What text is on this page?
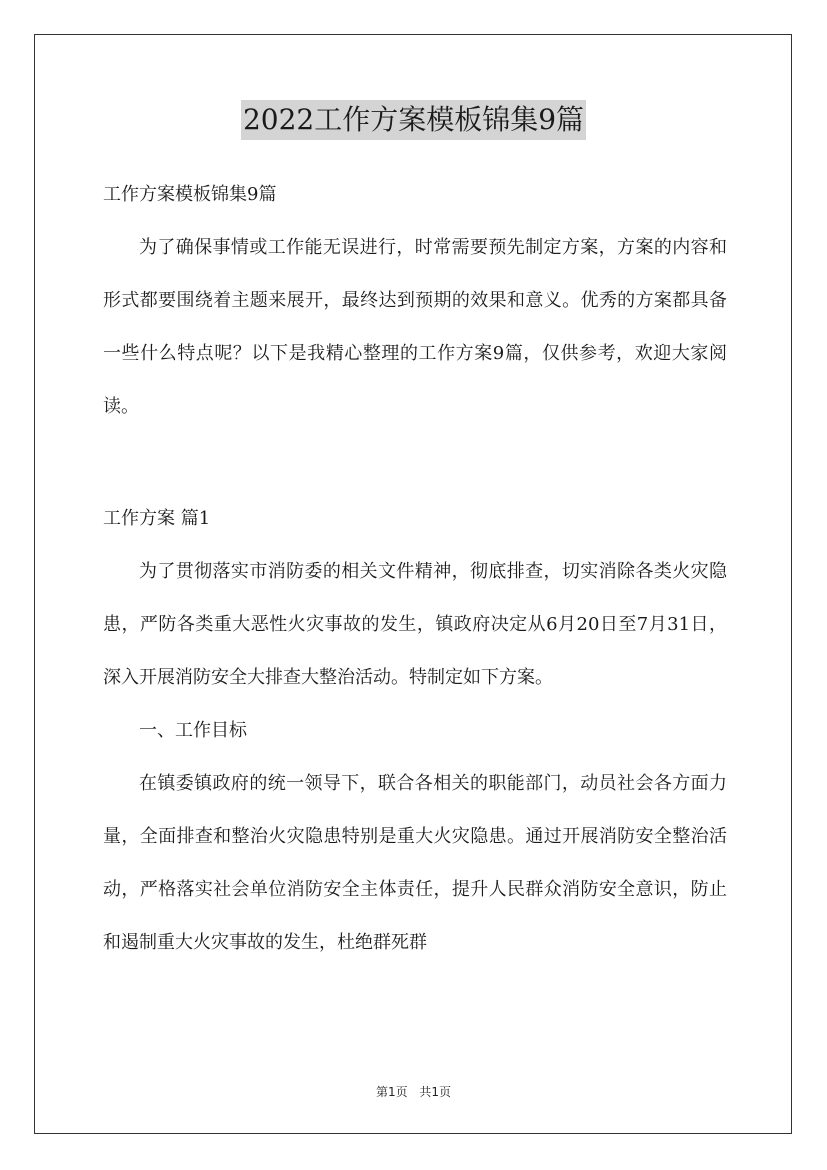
2022工作方案模板锦集9篇

工作方案模板锦集9篇

为了确保事情或工作能无误进行，时常需要预先制定方案，方案的内容和形式都要围绕着主题来展开，最终达到预期的效果和意义。优秀的方案都具备一些什么特点呢？以下是我精心整理的工作方案9篇，仅供参考，欢迎大家阅读。

工作方案 篇1

为了贯彻落实市消防委的相关文件精神，彻底排查，切实消除各类火灾隐患，严防各类重大恶性火灾事故的发生，镇政府决定从6月20日至7月31日，深入开展消防安全大排查大整治活动。特制定如下方案。

一、工作目标

在镇委镇政府的统一领导下，联合各相关的职能部门，动员社会各方面力量，全面排查和整治火灾隐患特别是重大火灾隐患。通过开展消防安全整治活动，严格落实社会单位消防安全主体责任，提升人民群众消防安全意识，防止和遏制重大火灾事故的发生，杜绝群死群

第1页 共1页
